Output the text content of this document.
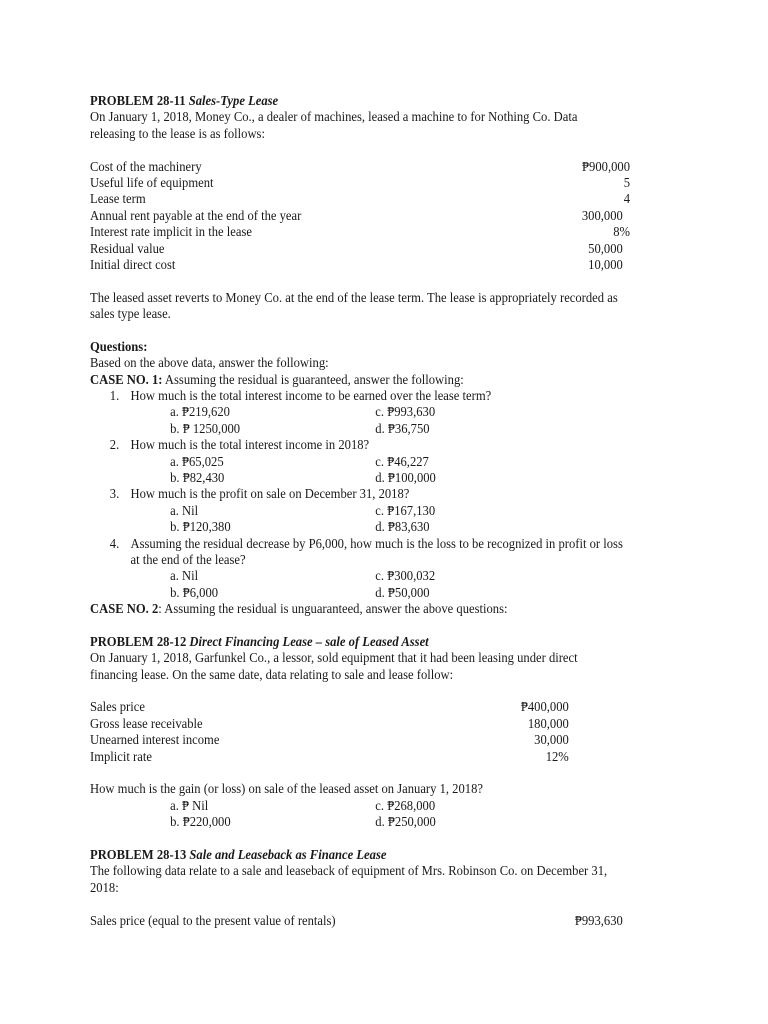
PROBLEM 28-11 Sales-Type Lease
On January 1, 2018, Money Co., a dealer of machines, leased a machine to for Nothing Co. Data
releasing to the lease is as follows:
Cost of the machinery	₱900,000
Useful life of equipment	5
Lease term	4
Annual rent payable at the end of the year	300,000
Interest rate implicit in the lease	8%
Residual value	50,000
Initial direct cost	10,000
The leased asset reverts to Money Co. at the end of the lease term. The lease is appropriately recorded as
sales type lease.
Questions:
Based on the above data, answer the following:
CASE NO. 1: Assuming the residual is guaranteed, answer the following:
1. How much is the total interest income to be earned over the lease term?
a. ₱219,620	c. ₱993,630
b. ₱ 1250,000	d. ₱36,750
2. How much is the total interest income in 2018?
a. ₱65,025	c. ₱46,227
b. ₱82,430	d. ₱100,000
3. How much is the profit on sale on December 31, 2018?
a. Nil	c. ₱167,130
b. ₱120,380	d. ₱83,630
4. Assuming the residual decrease by P6,000, how much is the loss to be recognized in profit or loss
at the end of the lease?
a. Nil	c. ₱300,032
b. ₱6,000	d. ₱50,000
CASE NO. 2: Assuming the residual is unguaranteed, answer the above questions:
PROBLEM 28-12 Direct Financing Lease – sale of Leased Asset
On January 1, 2018, Garfunkel Co., a lessor, sold equipment that it had been leasing under direct
financing lease. On the same date, data relating to sale and lease follow:
Sales price	₱400,000
Gross lease receivable	180,000
Unearned interest income	30,000
Implicit rate	12%
How much is the gain (or loss) on sale of the leased asset on January 1, 2018?
a. ₱ Nil	c. ₱268,000
b. ₱220,000	d. ₱250,000
PROBLEM 28-13 Sale and Leaseback as Finance Lease
The following data relate to a sale and leaseback of equipment of Mrs. Robinson Co. on December 31,
2018:
Sales price (equal to the present value of rentals)	₱993,630
